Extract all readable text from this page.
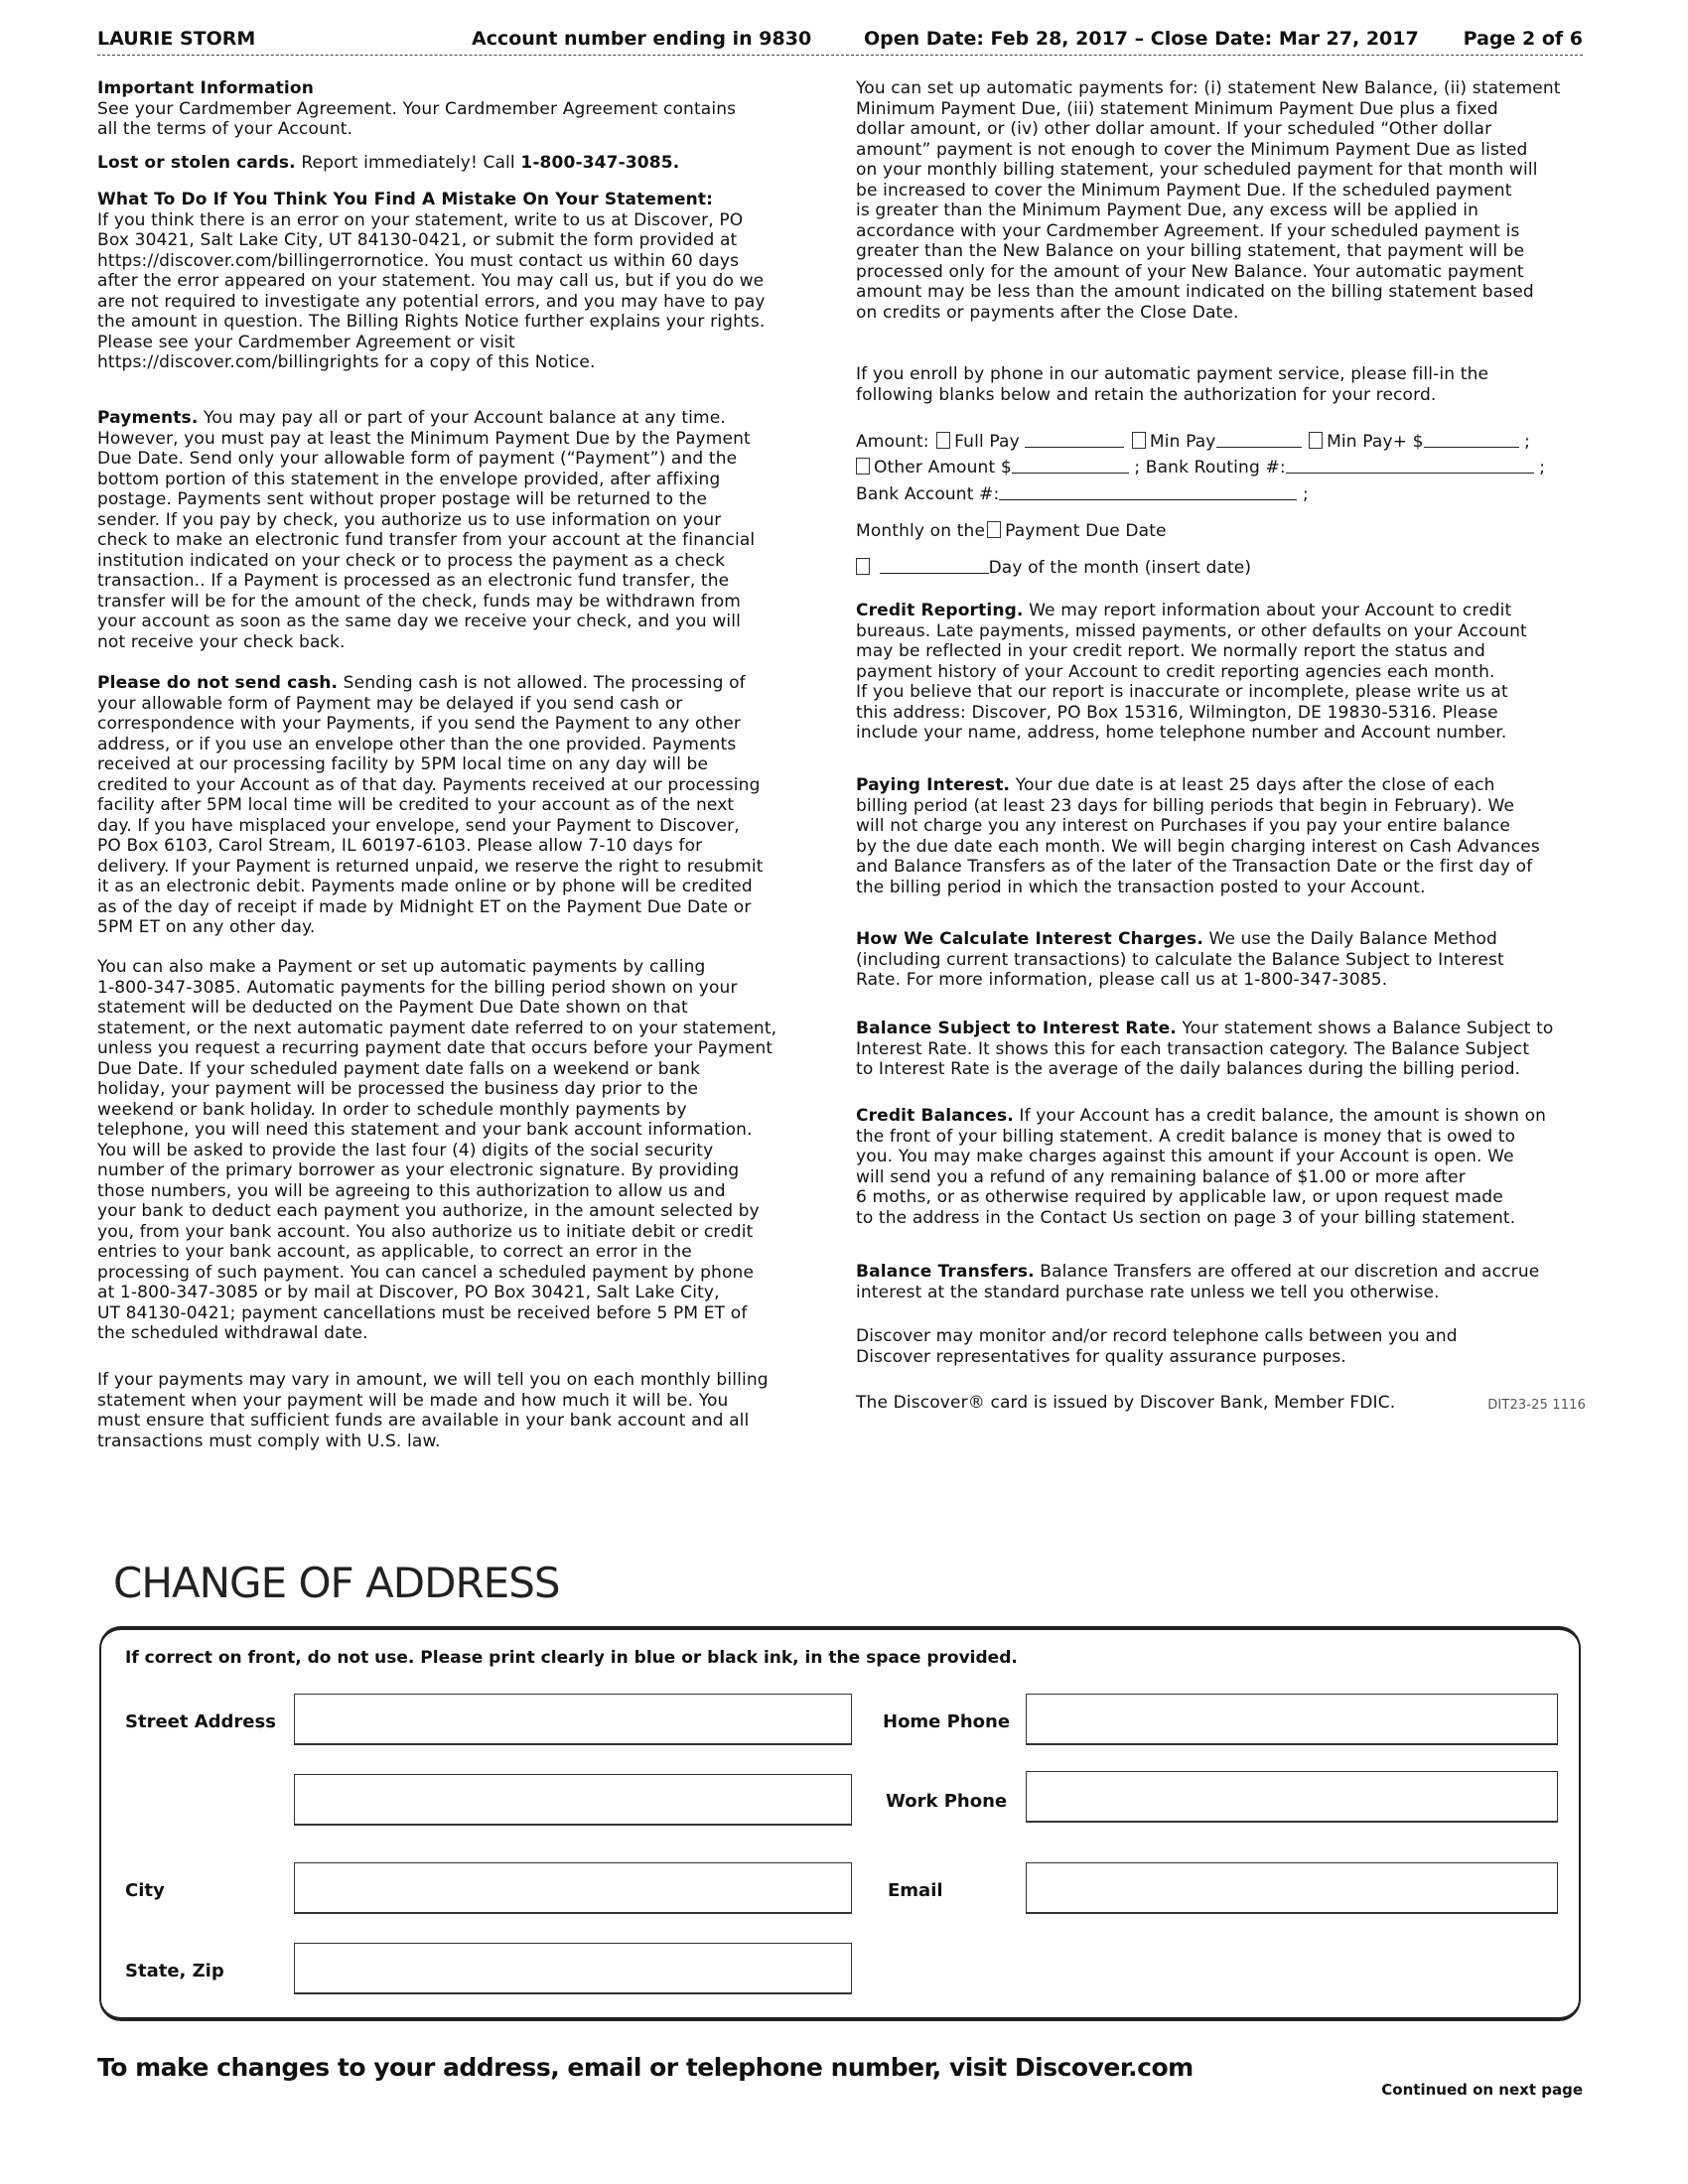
LAURIE STORM	Account number ending in 9830	Open Date: Feb 28, 2017 – Close Date: Mar 27, 2017 Page 2 of 6
Important Information
See your Cardmember Agreement. Your Cardmember Agreement contains
all the terms of your Account.
Lost or stolen cards. Report immediately! Call 1-800-347-3085.
What To Do If You Think You Find A Mistake On Your Statement:
If you think there is an error on your statement, write to us at Discover, PO
Box 30421, Salt Lake City, UT 84130-0421, or submit the form provided at
https://discover.com/billingerrornotice. You must contact us within 60 days
after the error appeared on your statement. You may call us, but if you do we
are not required to investigate any potential errors, and you may have to pay
the amount in question. The Billing Rights Notice further explains your rights.
Please see your Cardmember Agreement or visit
https://discover.com/billingrights for a copy of this Notice.
Payments. You may pay all or part of your Account balance at any time.
However, you must pay at least the Minimum Payment Due by the Payment
Due Date. Send only your allowable form of payment (“Payment”) and the
bottom portion of this statement in the envelope provided, after affixing
postage. Payments sent without proper postage will be returned to the
sender. If you pay by check, you authorize us to use information on your
check to make an electronic fund transfer from your account at the financial
institution indicated on your check or to process the payment as a check
transaction.. If a Payment is processed as an electronic fund transfer, the
transfer will be for the amount of the check, funds may be withdrawn from
your account as soon as the same day we receive your check, and you will
not receive your check back.
Please do not send cash. Sending cash is not allowed. The processing of
your allowable form of Payment may be delayed if you send cash or
correspondence with your Payments, if you send the Payment to any other
address, or if you use an envelope other than the one provided. Payments
received at our processing facility by 5PM local time on any day will be
credited to your Account as of that day. Payments received at our processing
facility after 5PM local time will be credited to your account as of the next
day. If you have misplaced your envelope, send your Payment to Discover,
PO Box 6103, Carol Stream, IL 60197-6103. Please allow 7-10 days for
delivery. If your Payment is returned unpaid, we reserve the right to resubmit
it as an electronic debit. Payments made online or by phone will be credited
as of the day of receipt if made by Midnight ET on the Payment Due Date or
5PM ET on any other day.
You can also make a Payment or set up automatic payments by calling
1-800-347-3085. Automatic payments for the billing period shown on your
statement will be deducted on the Payment Due Date shown on that
statement, or the next automatic payment date referred to on your statement,
unless you request a recurring payment date that occurs before your Payment
Due Date. If your scheduled payment date falls on a weekend or bank
holiday, your payment will be processed the business day prior to the
weekend or bank holiday. In order to schedule monthly payments by
telephone, you will need this statement and your bank account information.
You will be asked to provide the last four (4) digits of the social security
number of the primary borrower as your electronic signature. By providing
those numbers, you will be agreeing to this authorization to allow us and
your bank to deduct each payment you authorize, in the amount selected by
you, from your bank account. You also authorize us to initiate debit or credit
entries to your bank account, as applicable, to correct an error in the
processing of such payment. You can cancel a scheduled payment by phone
at 1-800-347-3085 or by mail at Discover, PO Box 30421, Salt Lake City,
UT 84130-0421; payment cancellations must be received before 5 PM ET of
the scheduled withdrawal date.
If your payments may vary in amount, we will tell you on each monthly billing
statement when your payment will be made and how much it will be. You
must ensure that sufficient funds are available in your bank account and all
transactions must comply with U.S. law.
You can set up automatic payments for: (i) statement New Balance, (ii) statement
Minimum Payment Due, (iii) statement Minimum Payment Due plus a fixed
dollar amount, or (iv) other dollar amount. If your scheduled “Other dollar
amount” payment is not enough to cover the Minimum Payment Due as listed
on your monthly billing statement, your scheduled payment for that month will
be increased to cover the Minimum Payment Due. If the scheduled payment
is greater than the Minimum Payment Due, any excess will be applied in
accordance with your Cardmember Agreement. If your scheduled payment is
greater than the New Balance on your billing statement, that payment will be
processed only for the amount of your New Balance. Your automatic payment
amount may be less than the amount indicated on the billing statement based
on credits or payments after the Close Date.
If you enroll by phone in our automatic payment service, please fill-in the
following blanks below and retain the authorization for your record.
Credit Reporting. We may report information about your Account to credit
bureaus. Late payments, missed payments, or other defaults on your Account
may be reflected in your credit report. We normally report the status and
payment history of your Account to credit reporting agencies each month.
If you believe that our report is inaccurate or incomplete, please write us at
this address: Discover, PO Box 15316, Wilmington, DE 19830-5316. Please
include your name, address, home telephone number and Account number.
Paying Interest. Your due date is at least 25 days after the close of each
billing period (at least 23 days for billing periods that begin in February). We
will not charge you any interest on Purchases if you pay your entire balance
by the due date each month. We will begin charging interest on Cash Advances
and Balance Transfers as of the later of the Transaction Date or the first day of
the billing period in which the transaction posted to your Account.
How We Calculate Interest Charges. We use the Daily Balance Method
(including current transactions) to calculate the Balance Subject to Interest
Rate. For more information, please call us at 1-800-347-3085.
Balance Subject to Interest Rate. Your statement shows a Balance Subject to
Interest Rate. It shows this for each transaction category. The Balance Subject
to Interest Rate is the average of the daily balances during the billing period.
Credit Balances. If your Account has a credit balance, the amount is shown on
the front of your billing statement. A credit balance is money that is owed to
you. You may make charges against this amount if your Account is open. We
will send you a refund of any remaining balance of $1.00 or more after
6 moths, or as otherwise required by applicable law, or upon request made
to the address in the Contact Us section on page 3 of your billing statement.
Balance Transfers. Balance Transfers are offered at our discretion and accrue
interest at the standard purchase rate unless we tell you otherwise.
Discover may monitor and/or record telephone calls between you and
Discover representatives for quality assurance purposes.
Amount: Full Pay	Min Pay	Min Pay+ $	;
Other Amount $	; Bank Routing #:	;
Bank Account #:	;
Monthly on the Payment Due Date
Day of the month (insert date)
The Discover® card is issued by Discover Bank, Member FDIC.	DIT23-25 1116
CHANGE OF ADDRESS
If correct on front, do not use. Please print clearly in blue or black ink, in the space provided.
Street Address
City
State, Zip
Home Phone
Work Phone
Email
To make changes to your address, email or telephone number, visit Discover.com
Continued on next page
